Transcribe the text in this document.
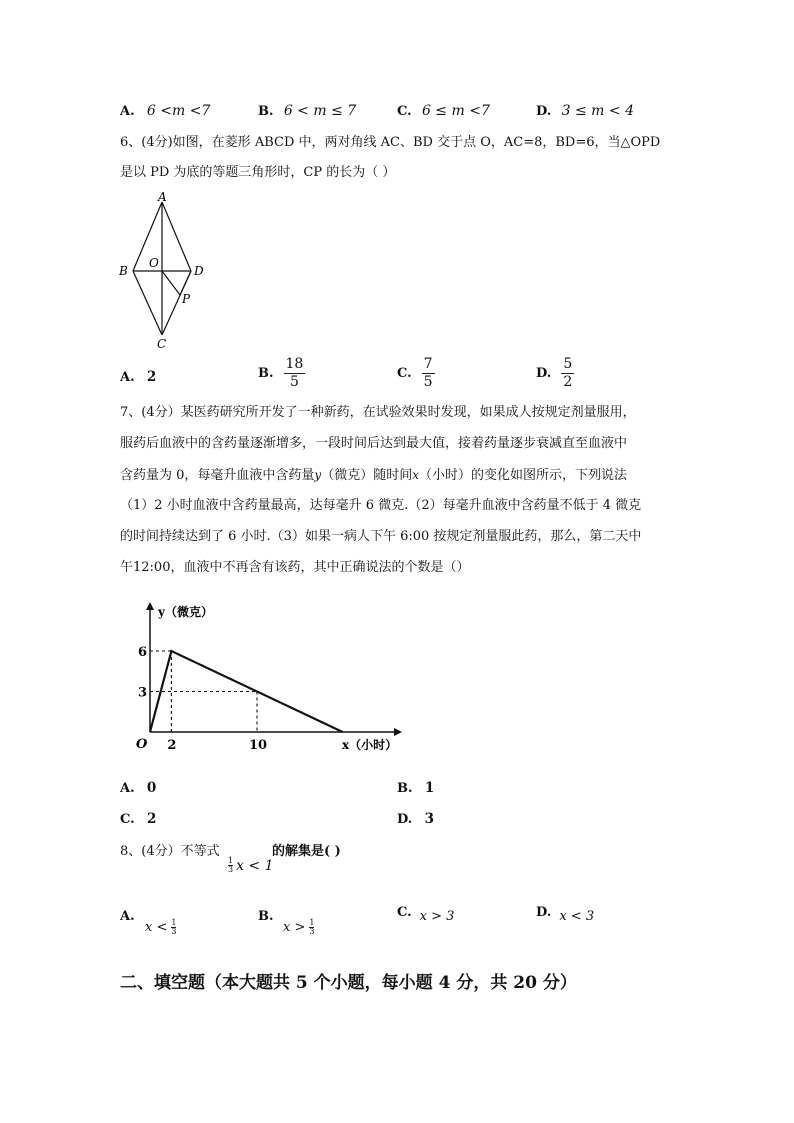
A. 6 <m <7	B. 6 < m ≤ 7	C. 6 ≤ m <7	D. 3 ≤ m < 4
6、(4分)如图，在菱形 ABCD 中，两对角线 AC、BD 交于点 O，AC=8，BD=6，当△OPD
是以 PD 为底的等题三角形时，CP 的长为（ ）
A
B
C
D
O
P
A. 2	B. $\frac{18}{5}$	C. $\frac{7}{5}$	D. $\frac{5}{2}$
7、(4分）某医药研究所开发了一种新药，在试验效果时发现，如果成人按规定剂量服用，
服药后血液中的含药量逐渐增多，一段时间后达到最大值，接着药量逐步衰减直至血液中
含药量为 0，每毫升血液中含药量y（微克）随时间x（小时）的变化如图所示，下列说法
（1）2 小时血液中含药量最高，达每毫升 6 微克.（2）每毫升血液中含药量不低于 4 微克
的时间持续达到了 6 小时.（3）如果一病人下午 6:00 按规定剂量服此药，那么，第二天中
午12:00，血液中不再含有该药，其中正确说法的个数是（）
2	10
3
6
y（微克）
x（小时）
O
A. 0	B. 1
C. 2	D. 3
8、(4分）不等式	的解集是( )
$\frac{1}{3}$ x < 1
A.
$x < \frac{1}{3}$
B.
$x > \frac{1}{3}$
C. x > 3	D. x < 3
二、填空题（本大题共 5 个小题，每小题 4 分，共 20 分）
